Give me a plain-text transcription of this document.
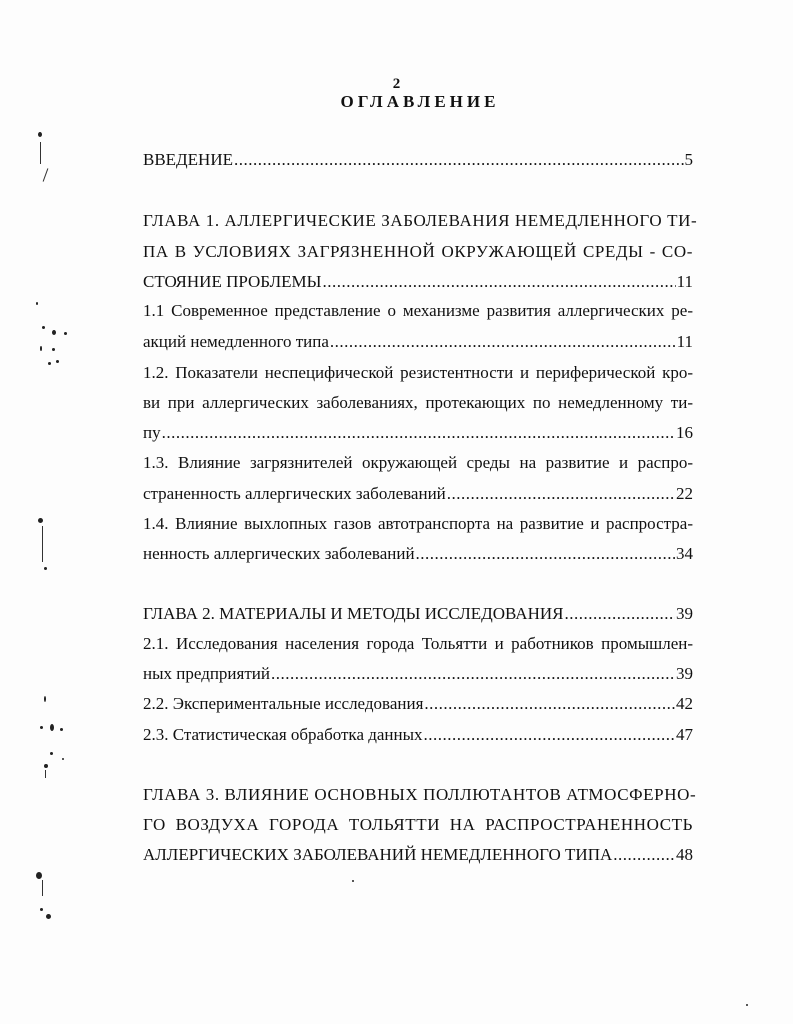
2
ОГЛАВЛЕНИЕ
ВВЕДЕНИЕ .....	5
ГЛАВА 1. АЛЛЕРГИЧЕСКИЕ ЗАБОЛЕВАНИЯ НЕМЕДЛЕННОГО ТИ-
ПА В УСЛОВИЯХ ЗАГРЯЗНЕННОЙ ОКРУЖАЮЩЕЙ СРЕДЫ - СО-
СТОЯНИЕ ПРОБЛЕМЫ .....	11
1.1 Современное представление о механизме развития аллергических ре-
акций немедленного типа .....	11
1.2. Показатели неспецифической резистентности и периферической кро-
ви при аллергических заболеваниях, протекающих по немедленному ти-
пу .....	16
1.3. Влияние загрязнителей окружающей среды на развитие и распро-
страненность аллергических заболеваний .....	22
1.4. Влияние выхлопных газов автотранспорта на развитие и распростра-
ненность аллергических заболеваний .....	34
ГЛАВА 2. МАТЕРИАЛЫ И МЕТОДЫ ИССЛЕДОВАНИЯ .....	39
2.1. Исследования населения города Тольятти и работников промышлен-
ных предприятий .....	39
2.2. Экспериментальные исследования .....	42
2.3. Статистическая обработка данных .....	47
ГЛАВА 3. ВЛИЯНИЕ ОСНОВНЫХ ПОЛЛЮТАНТОВ АТМОСФЕРНО-
ГО ВОЗДУХА ГОРОДА ТОЛЬЯТТИ НА РАСПРОСТРАНЕННОСТЬ
АЛЛЕРГИЧЕСКИХ ЗАБОЛЕВАНИЙ НЕМЕДЛЕННОГО ТИПА .....	48
